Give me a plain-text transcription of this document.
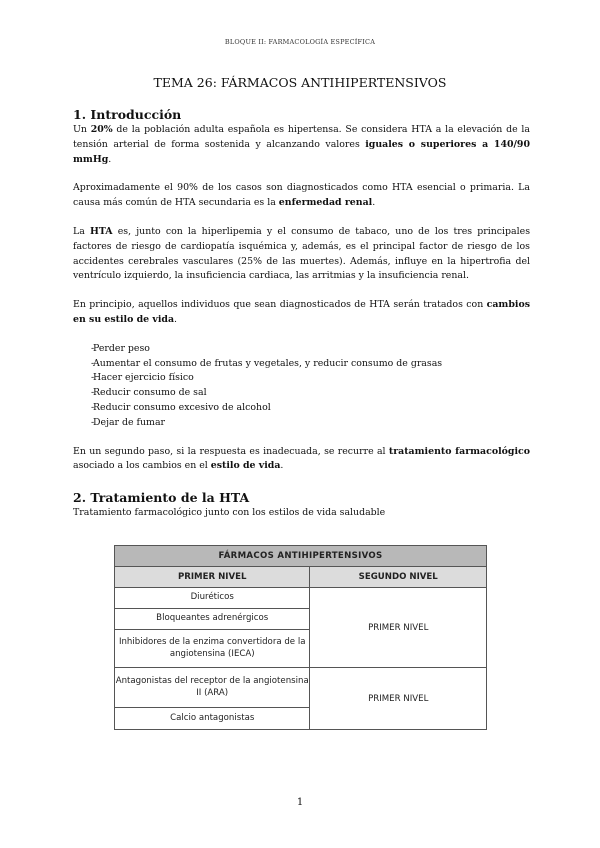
BLOQUE II: FARMACOLOGÍA ESPECÍFICA
TEMA 26: FÁRMACOS ANTIHIPERTENSIVOS
1. Introducción

Un 20% de la población adulta española es hipertensa. Se considera HTA a la elevación de la tensión arterial de forma sostenida y alcanzando valores iguales o superiores a 140/90 mmHg.

Aproximadamente el 90% de los casos son diagnosticados como HTA esencial o primaria. La causa más común de HTA secundaria es la enfermedad renal.

La HTA es, junto con la hiperlipemia y el consumo de tabaco, uno de los tres principales factores de riesgo de cardiopatía isquémica y, además, es el principal factor de riesgo de los accidentes cerebrales vasculares (25% de las muertes). Además, influye en la hipertrofia del ventrículo izquierdo, la insuficiencia cardiaca, las arritmias y la insuficiencia renal.

En principio, aquellos individuos que sean diagnosticados de HTA serán tratados con cambios en su estilo de vida.

- Perder peso
- Aumentar el consumo de frutas y vegetales, y reducir consumo de grasas
- Hacer ejercicio físico
- Reducir consumo de sal
- Reducir consumo excesivo de alcohol
- Dejar de fumar

En un segundo paso, si la respuesta es inadecuada, se recurre al tratamiento farmacológico asociado a los cambios en el estilo de vida.

2. Tratamiento de la HTA

Tratamiento farmacológico junto con los estilos de vida saludable

FÁRMACOS ANTIHIPERTENSIVOS	
PRIMER NIVEL	SEGUNDO NIVEL
Diuréticos	PRIMER NIVEL
Bloqueantes adrenérgicos	
Inhibidores de la enzima convertidora de la angiotensina (IECA)	
Antagonistas del receptor de la angiotensina II (ARA)	PRIMER NIVEL
Calcio antagonistas	
1
